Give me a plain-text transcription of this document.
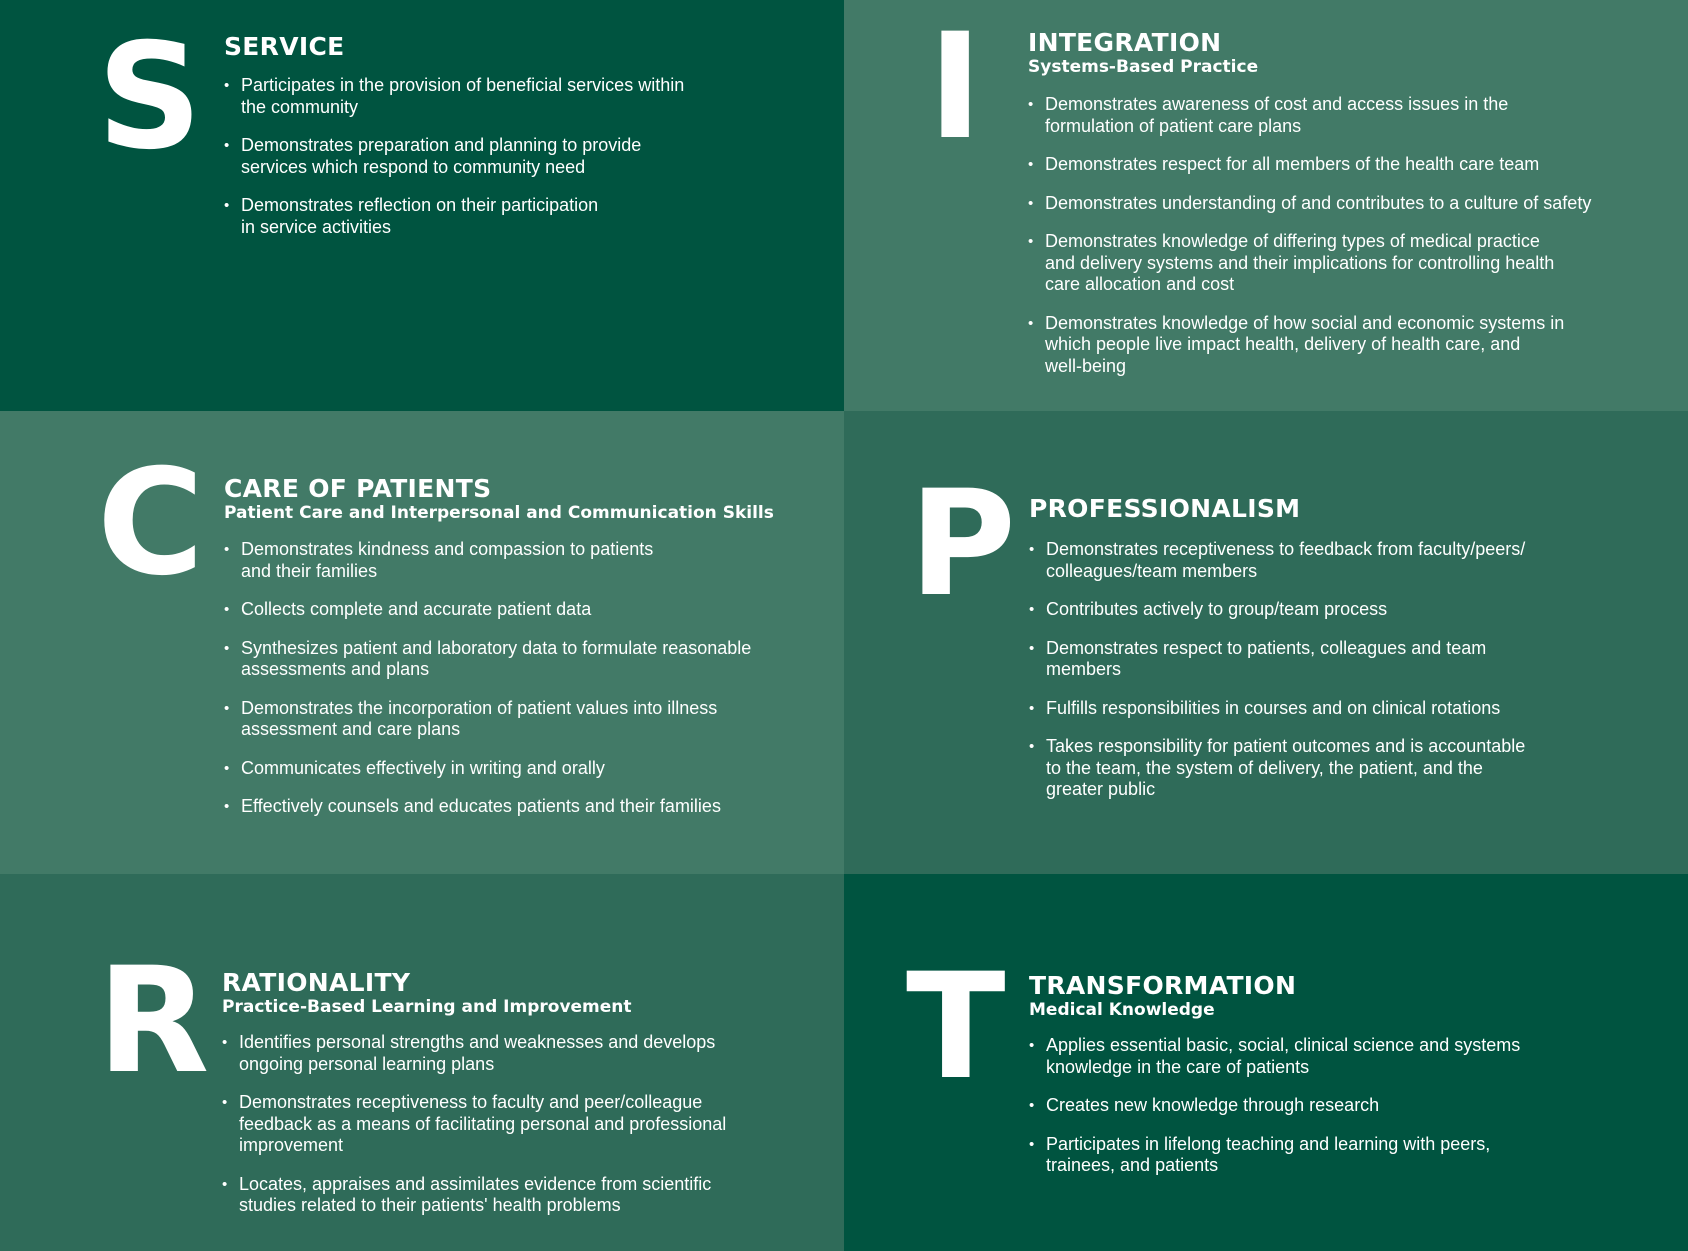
S SERVICE
• Participates in the provision of beneficial services within
the community
• Demonstrates preparation and planning to provide
services which respond to community need
• Demonstrates reflection on their participation
in service activities
I INTEGRATION
Systems-Based Practice
• Demonstrates awareness of cost and access issues in the
formulation of patient care plans
• Demonstrates respect for all members of the health care team
• Demonstrates understanding of and contributes to a culture of safety
• Demonstrates knowledge of differing types of medical practice
and delivery systems and their implications for controlling health
care allocation and cost
• Demonstrates knowledge of how social and economic systems in
which people live impact health, delivery of health care, and
well-being
C CARE OF PATIENTS
Patient Care and Interpersonal and Communication Skills
• Demonstrates kindness and compassion to patients
and their families
• Collects complete and accurate patient data
• Synthesizes patient and laboratory data to formulate reasonable
assessments and plans
• Demonstrates the incorporation of patient values into illness
assessment and care plans
• Communicates effectively in writing and orally
• Effectively counsels and educates patients and their families
P PROFESSIONALISM
• Demonstrates receptiveness to feedback from faculty/peers/
colleagues/team members
• Contributes actively to group/team process
• Demonstrates respect to patients, colleagues and team
members
• Fulfills responsibilities in courses and on clinical rotations
• Takes responsibility for patient outcomes and is accountable
to the team, the system of delivery, the patient, and the
greater public
R RATIONALITY
Practice-Based Learning and Improvement
• Identifies personal strengths and weaknesses and develops
ongoing personal learning plans
• Demonstrates receptiveness to faculty and peer/colleague
feedback as a means of facilitating personal and professional
improvement
• Locates, appraises and assimilates evidence from scientific
studies related to their patients' health problems
T TRANSFORMATION
Medical Knowledge
• Applies essential basic, social, clinical science and systems
knowledge in the care of patients
• Creates new knowledge through research
• Participates in lifelong teaching and learning with peers,
trainees, and patients
